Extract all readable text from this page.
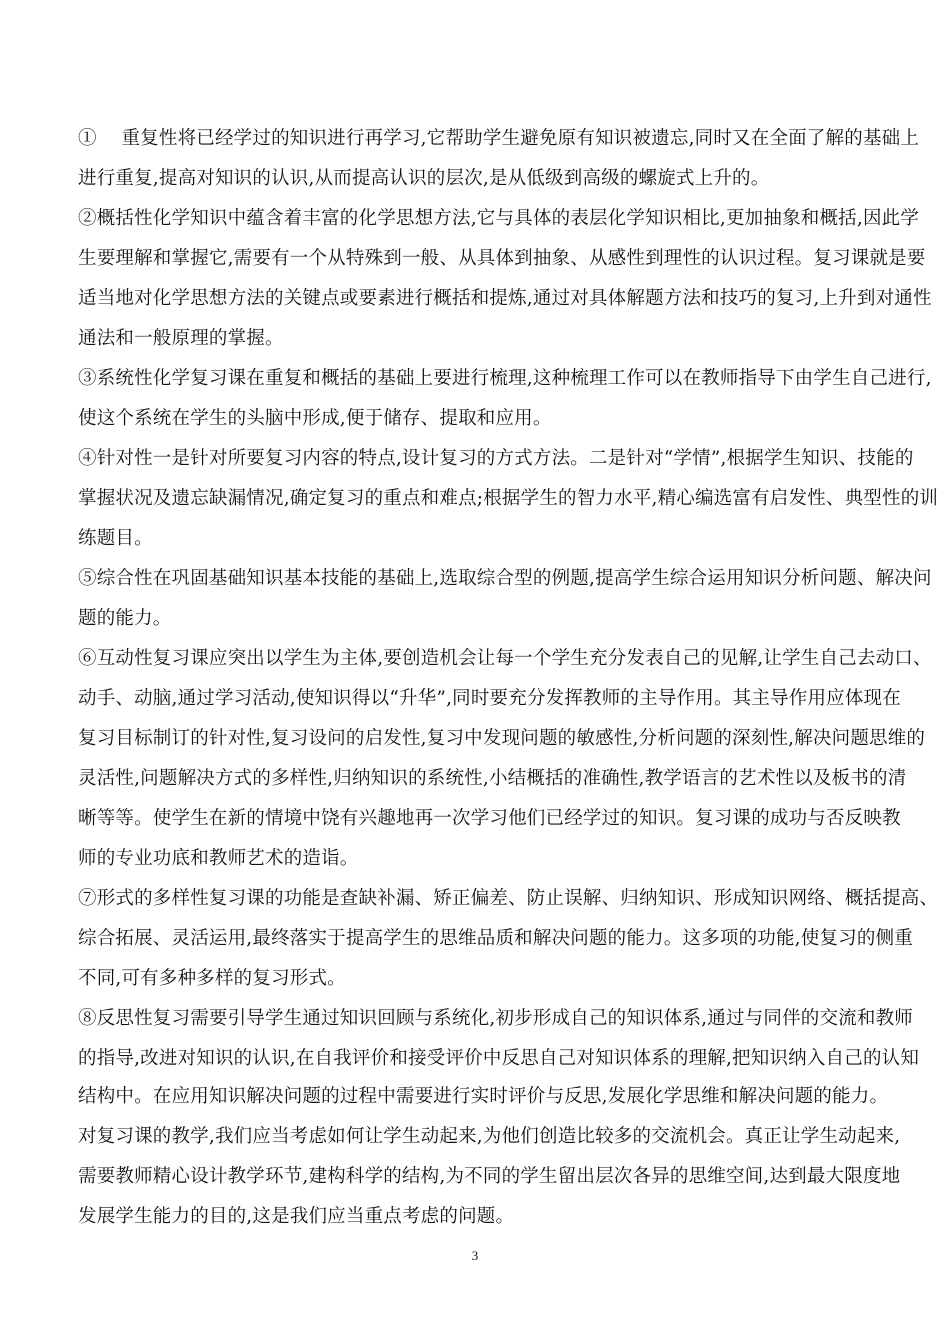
①　 重复性将已经学过的知识进行再学习,它帮助学生避免原有知识被遗忘,同时又在全面了解的基础上
进行重复,提高对知识的认识,从而提高认识的层次,是从低级到高级的螺旋式上升的。
②概括性化学知识中蕴含着丰富的化学思想方法,它与具体的表层化学知识相比,更加抽象和概括,因此学
生要理解和掌握它,需要有一个从特殊到一般、从具体到抽象、从感性到理性的认识过程。复习课就是要
适当地对化学思想方法的关键点或要素进行概括和提炼,通过对具体解题方法和技巧的复习,上升到对通性
通法和一般原理的掌握。
③系统性化学复习课在重复和概括的基础上要进行梳理,这种梳理工作可以在教师指导下由学生自己进行,
使这个系统在学生的头脑中形成,便于储存、提取和应用。
④针对性一是针对所要复习内容的特点,设计复习的方式方法。二是针对“学情”,根据学生知识、技能的
掌握状况及遗忘缺漏情况,确定复习的重点和难点;根据学生的智力水平,精心编选富有启发性、典型性的训
练题目。
⑤综合性在巩固基础知识基本技能的基础上,选取综合型的例题,提高学生综合运用知识分析问题、解决问
题的能力。
⑥互动性复习课应突出以学生为主体,要创造机会让每一个学生充分发表自己的见解,让学生自己去动口、
动手、动脑,通过学习活动,使知识得以“升华”,同时要充分发挥教师的主导作用。其主导作用应体现在
复习目标制订的针对性,复习设问的启发性,复习中发现问题的敏感性,分析问题的深刻性,解决问题思维的
灵活性,问题解决方式的多样性,归纳知识的系统性,小结概括的准确性,教学语言的艺术性以及板书的清
晰等等。使学生在新的情境中饶有兴趣地再一次学习他们已经学过的知识。复习课的成功与否反映教
师的专业功底和教师艺术的造诣。
⑦形式的多样性复习课的功能是查缺补漏、矫正偏差、防止误解、归纳知识、形成知识网络、概括提高、
综合拓展、灵活运用,最终落实于提高学生的思维品质和解决问题的能力。这多项的功能,使复习的侧重
不同,可有多种多样的复习形式。
⑧反思性复习需要引导学生通过知识回顾与系统化,初步形成自己的知识体系,通过与同伴的交流和教师
的指导,改进对知识的认识,在自我评价和接受评价中反思自己对知识体系的理解,把知识纳入自己的认知
结构中。在应用知识解决问题的过程中需要进行实时评价与反思,发展化学思维和解决问题的能力。
对复习课的教学,我们应当考虑如何让学生动起来,为他们创造比较多的交流机会。真正让学生动起来,
需要教师精心设计教学环节,建构科学的结构,为不同的学生留出层次各异的思维空间,达到最大限度地
发展学生能力的目的,这是我们应当重点考虑的问题。
3
